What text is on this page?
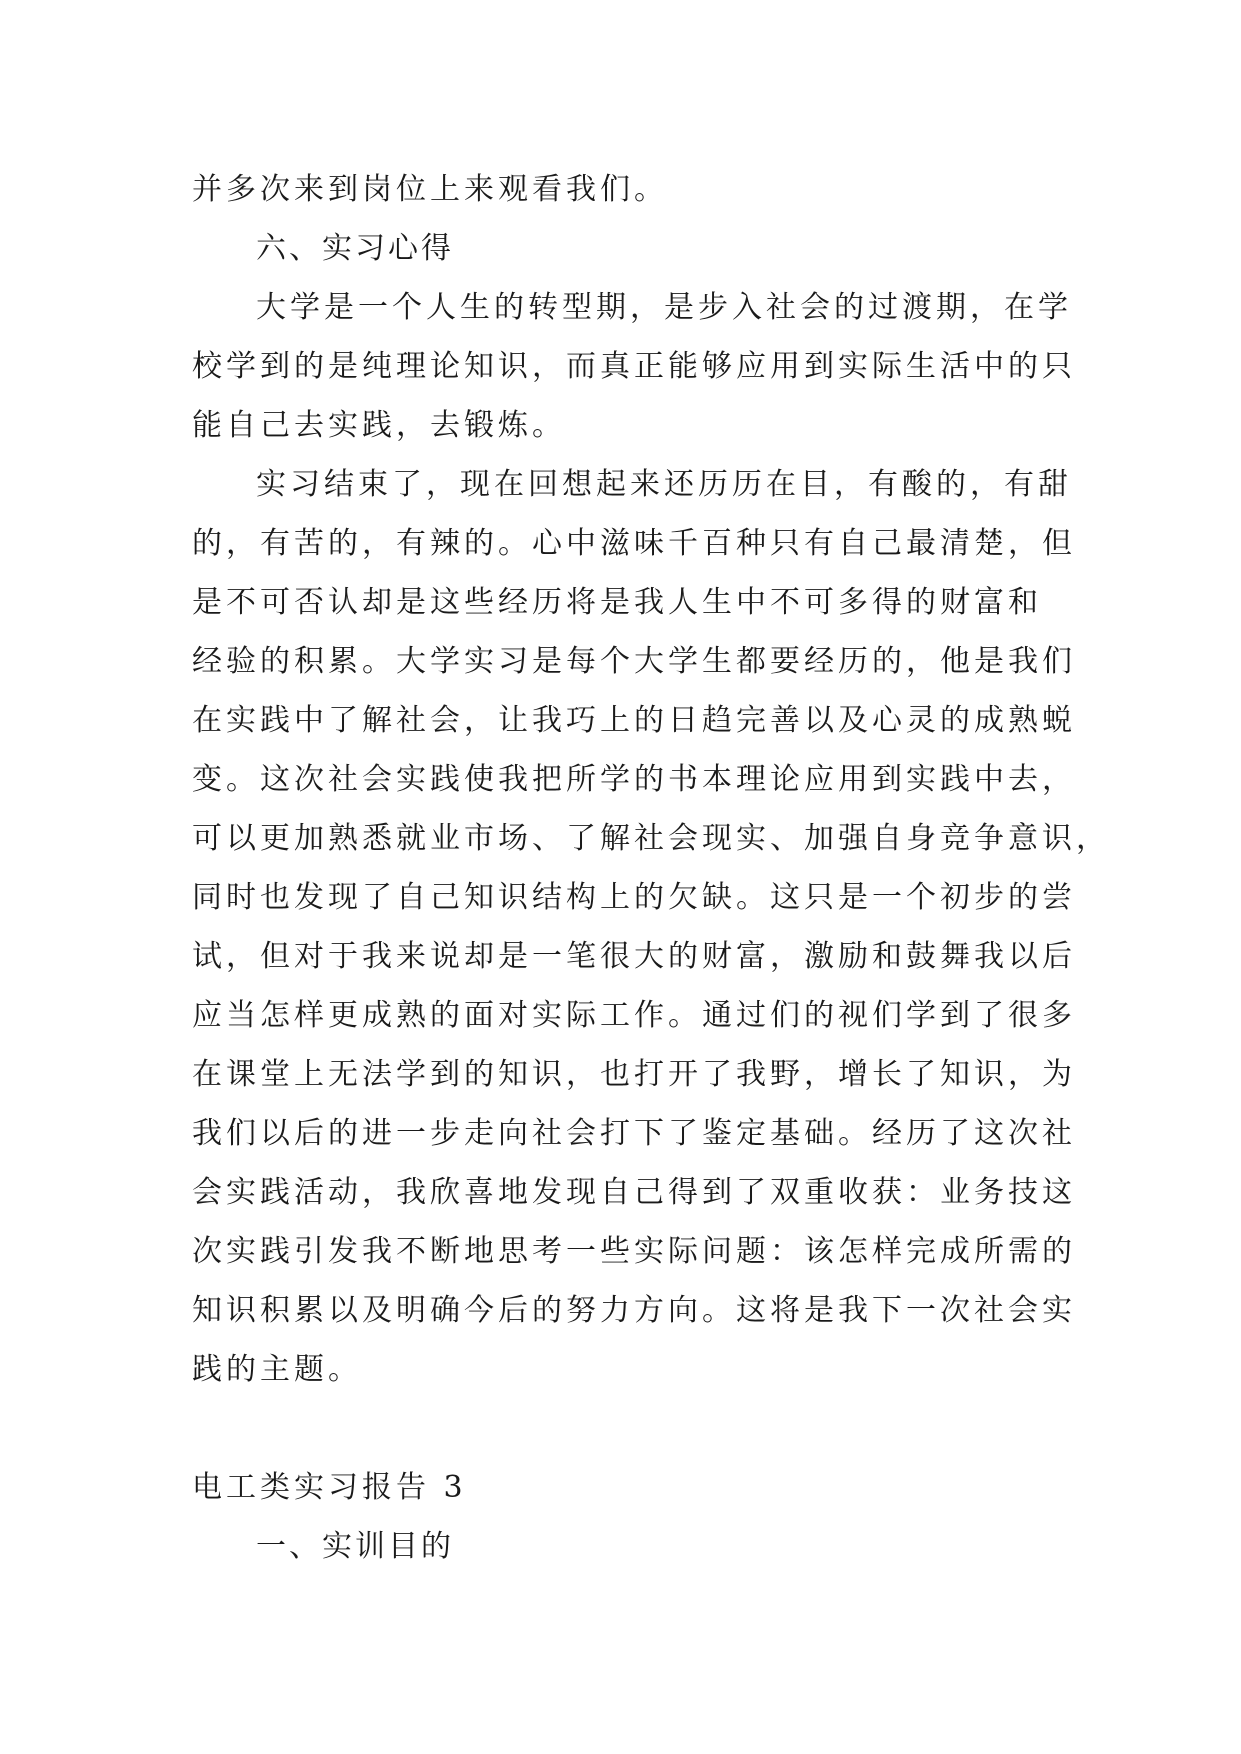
并多次来到岗位上来观看我们。
六、实习心得
大学是一个人生的转型期，是步入社会的过渡期，在学
校学到的是纯理论知识，而真正能够应用到实际生活中的只
能自己去实践，去锻炼。
实习结束了，现在回想起来还历历在目，有酸的，有甜
的，有苦的，有辣的。心中滋味千百种只有自己最清楚，但
是不可否认却是这些经历将是我人生中不可多得的财富和
经验的积累。大学实习是每个大学生都要经历的，他是我们
在实践中了解社会，让我巧上的日趋完善以及心灵的成熟蜕
变。这次社会实践使我把所学的书本理论应用到实践中去，
可以更加熟悉就业市场、了解社会现实、加强自身竞争意识，
同时也发现了自己知识结构上的欠缺。这只是一个初步的尝
试，但对于我来说却是一笔很大的财富，激励和鼓舞我以后
应当怎样更成熟的面对实际工作。通过们的视们学到了很多
在课堂上无法学到的知识，也打开了我野，增长了知识，为
我们以后的进一步走向社会打下了鉴定基础。经历了这次社
会实践活动，我欣喜地发现自己得到了双重收获：业务技这
次实践引发我不断地思考一些实际问题：该怎样完成所需的
知识积累以及明确今后的努力方向。这将是我下一次社会实
践的主题。
电工类实习报告 3
一、实训目的
